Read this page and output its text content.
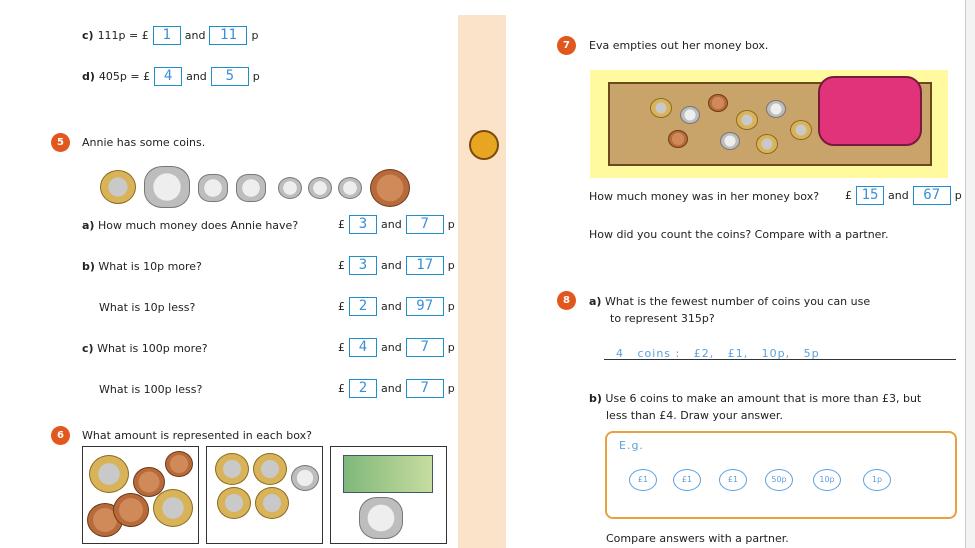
c) 111p = £ 1	and	11	p
d) 405p = £ 4	and	5	p
5	Annie has some coins.
a) How much money does Annie have?	£ 3	and	7	p
b) What is 10p more?	£ 3	and	17	p
What is 10p less?	£ 2	and	97	p
c) What is 100p more?	£ 4	and	7	p
What is 100p less?	£ 2	and	7	p
6	What amount is represented in each box?
7	Eva empties out her money box.
How much money was in her money box? £ 15 and	67	p
How did you count the coins? Compare with a partner.
8	a) What is the fewest number of coins you can use
to represent 315p?
4   coins :   £2,   £1,   10p,   5p
b) Use 6 coins to make an amount that is more than £3, but
less than £4. Draw your answer.
E.g.
£1	£1	£1	50p	10p	1p
Compare answers with a partner.
